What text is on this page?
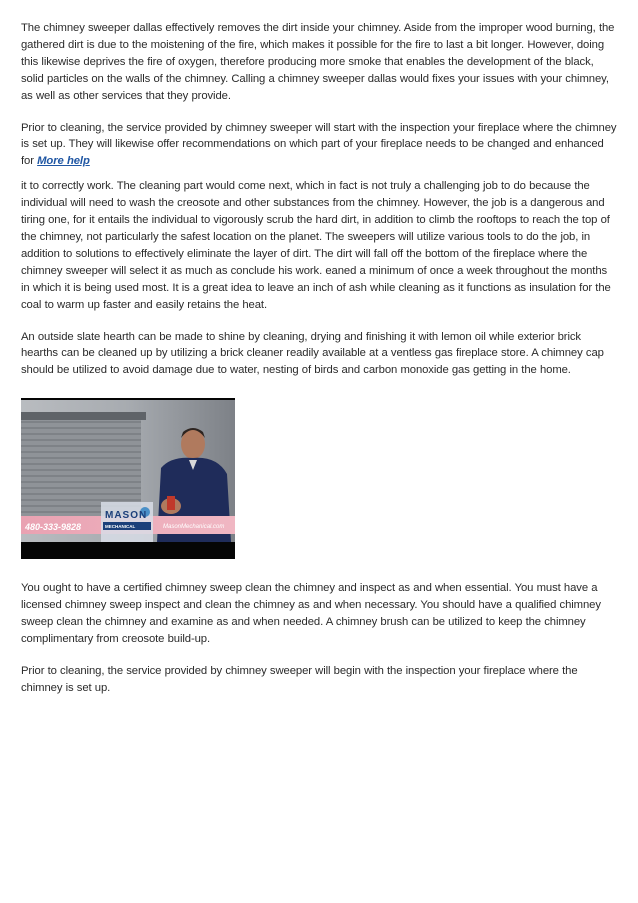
The chimney sweeper dallas effectively removes the dirt inside your chimney. Aside from the improper wood burning, the gathered dirt is due to the moistening of the fire, which makes it possible for the fire to last a bit longer. However, doing this likewise deprives the fire of oxygen, therefore producing more smoke that enables the development of the black, solid particles on the walls of the chimney. Calling a chimney sweeper dallas would fixes your issues with your chimney, as well as other services that they provide.

Prior to cleaning, the service provided by chimney sweeper will start with the inspection your fireplace where the chimney is set up. They will likewise offer recommendations on which part of your fireplace needs to be changed and enhanced for More help

it to correctly work. The cleaning part would come next, which in fact is not truly a challenging job to do because the individual will need to wash the creosote and other substances from the chimney. However, the job is a dangerous and tiring one, for it entails the individual to vigorously scrub the hard dirt, in addition to climb the rooftops to reach the top of the chimney, not particularly the safest location on the planet. The sweepers will utilize various tools to do the job, in addition to solutions to effectively eliminate the layer of dirt. The dirt will fall off the bottom of the fireplace where the chimney sweeper will select it as much as conclude his work. eaned a minimum of once a week throughout the months in which it is being used most. It is a great idea to leave an inch of ash while cleaning as it functions as insulation for the coal to warm up faster and easily retains the heat.

An outside slate hearth can be made to shine by cleaning, drying and finishing it with lemon oil while exterior brick hearths can be cleaned up by utilizing a brick cleaner readily available at a ventless gas fireplace store. A chimney cap should be utilized to avoid damage due to water, nesting of birds and carbon monoxide gas getting in the home.

480-333-9828
MASON
MECHANICAL	MasonMechanical.com

You ought to have a certified chimney sweep clean the chimney and inspect as and when essential. You must have a licensed chimney sweep inspect and clean the chimney as and when necessary. You should have a qualified chimney sweep clean the chimney and examine as and when needed. A chimney brush can be utilized to keep the chimney complimentary from creosote build-up.

Prior to cleaning, the service provided by chimney sweeper will begin with the inspection your fireplace where the chimney is set up.
